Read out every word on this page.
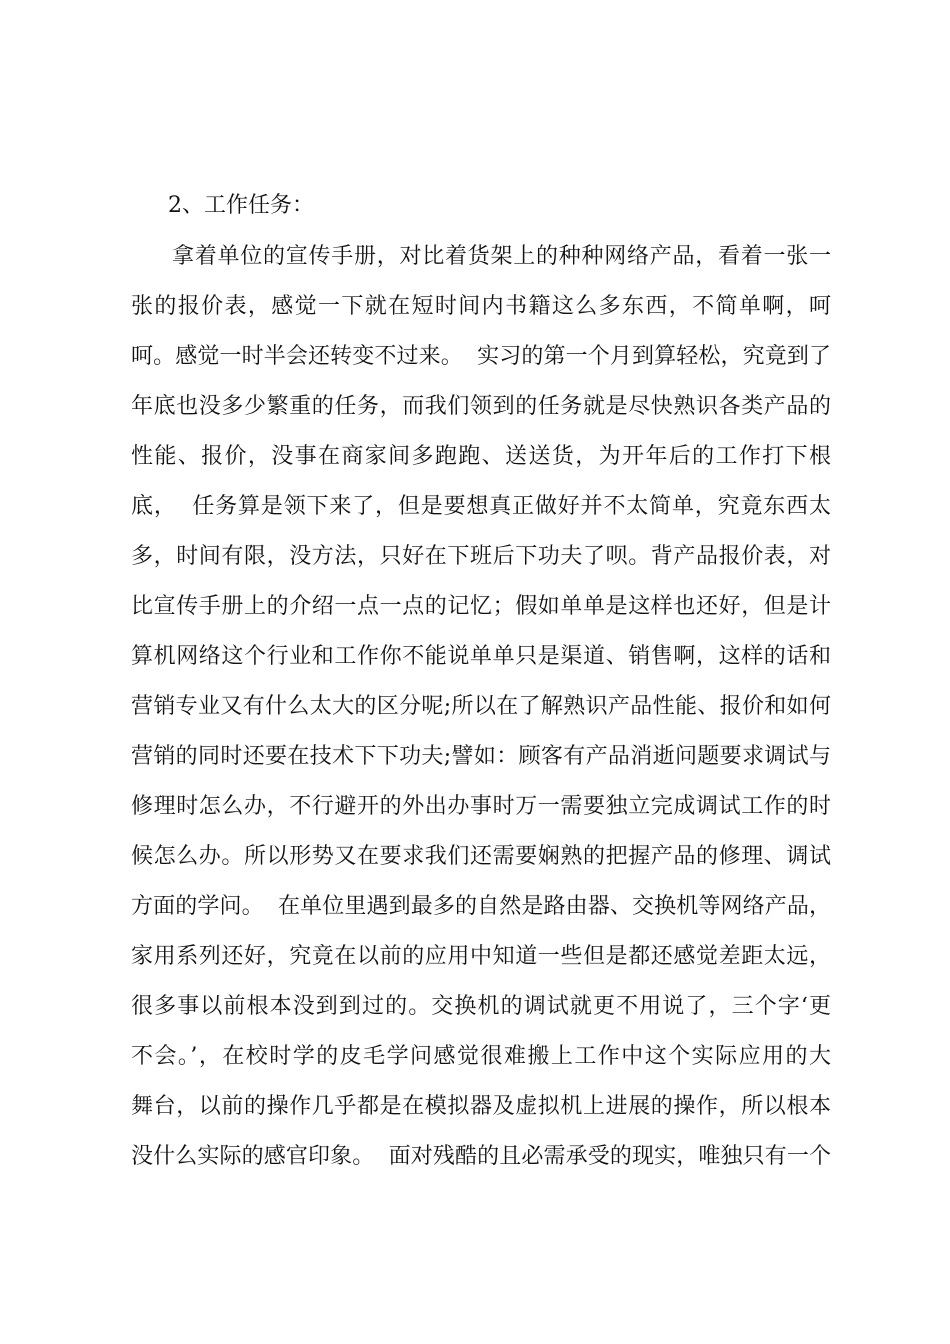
2、工作任务：
拿着单位的宣传手册，对比着货架上的种种网络产品，看着一张一
张的报价表，感觉一下就在短时间内书籍这么多东西，不简单啊，呵
呵。感觉一时半会还转变不过来。  实习的第一个月到算轻松，究竟到了
年底也没多少繁重的任务，而我们领到的任务就是尽快熟识各类产品的
性能、报价，没事在商家间多跑跑、送送货，为开年后的工作打下根
底，  任务算是领下来了，但是要想真正做好并不太简单，究竟东西太
多，时间有限，没方法，只好在下班后下功夫了呗。背产品报价表，对
比宣传手册上的介绍一点一点的记忆；假如单单是这样也还好，但是计
算机网络这个行业和工作你不能说单单只是渠道、销售啊，这样的话和
营销专业又有什么太大的区分呢;所以在了解熟识产品性能、报价和如何
营销的同时还要在技术下下功夫;譬如：顾客有产品消逝问题要求调试与
修理时怎么办，不行避开的外出办事时万一需要独立完成调试工作的时
候怎么办。所以形势又在要求我们还需要娴熟的把握产品的修理、调试
方面的学问。  在单位里遇到最多的自然是路由器、交换机等网络产品，
家用系列还好，究竟在以前的应用中知道一些但是都还感觉差距太远，
很多事以前根本没到到过的。交换机的调试就更不用说了，三个字‘更
不会。’，在校时学的皮毛学问感觉很难搬上工作中这个实际应用的大
舞台，以前的操作几乎都是在模拟器及虚拟机上进展的操作，所以根本
没什么实际的感官印象。  面对残酷的且必需承受的现实，唯独只有一个
